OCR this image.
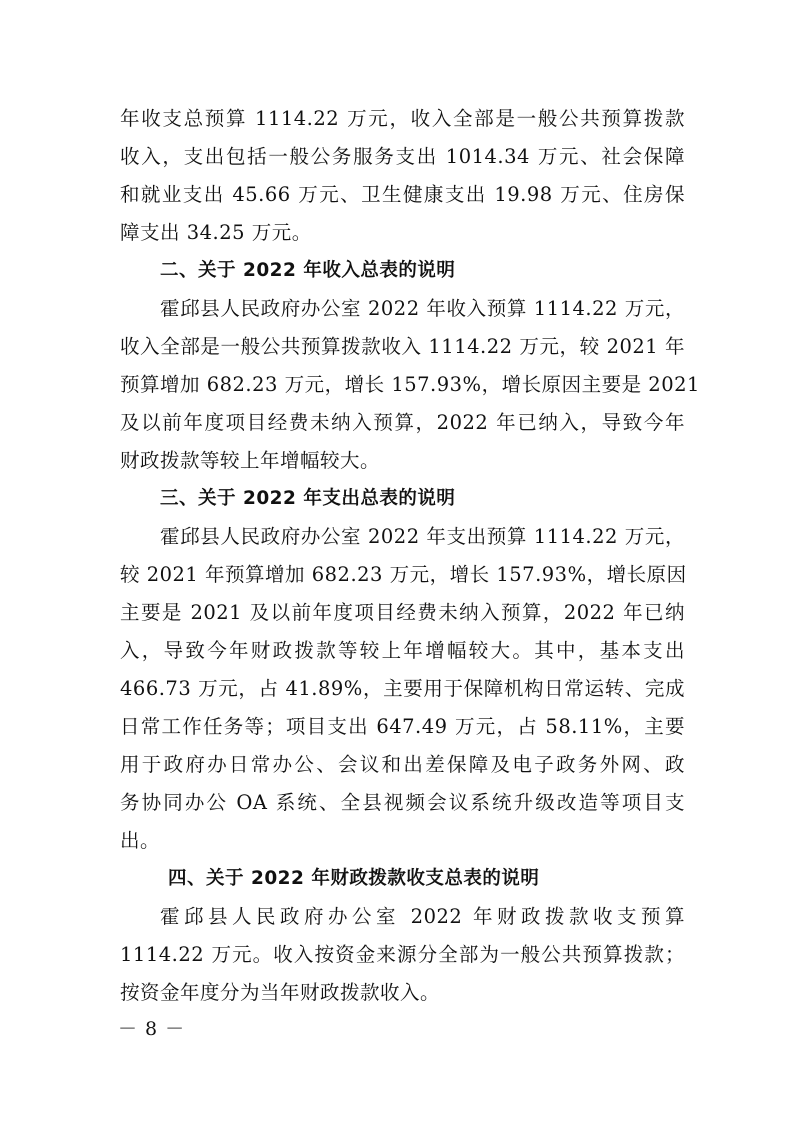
年收支总预算 1114.22 万元，收入全部是一般公共预算拨款
收入，支出包括一般公务服务支出 1014.34 万元、社会保障
和就业支出 45.66 万元、卫生健康支出 19.98 万元、住房保
障支出 34.25 万元。
二、关于 2022 年收入总表的说明
霍邱县人民政府办公室 2022 年收入预算 1114.22 万元，
收入全部是一般公共预算拨款收入 1114.22 万元，较 2021 年
预算增加 682.23 万元，增长 157.93%，增长原因主要是 2021
及以前年度项目经费未纳入预算，2022 年已纳入，导致今年
财政拨款等较上年增幅较大。
三、关于 2022 年支出总表的说明
霍邱县人民政府办公室 2022 年支出预算 1114.22 万元，
较 2021 年预算增加 682.23 万元，增长 157.93%，增长原因
主要是 2021 及以前年度项目经费未纳入预算，2022 年已纳
入，导致今年财政拨款等较上年增幅较大。其中，基本支出
466.73 万元，占 41.89%，主要用于保障机构日常运转、完成
日常工作任务等；项目支出 647.49 万元，占 58.11%，主要
用于政府办日常办公、会议和出差保障及电子政务外网、政
务协同办公 OA 系统、全县视频会议系统升级改造等项目支
出。
四、关于 2022 年财政拨款收支总表的说明
霍邱县人民政府办公室 2022 年财政拨款收支预算
1114.22 万元。收入按资金来源分全部为一般公共预算拨款；
按资金年度分为当年财政拨款收入。
－ 8 －
